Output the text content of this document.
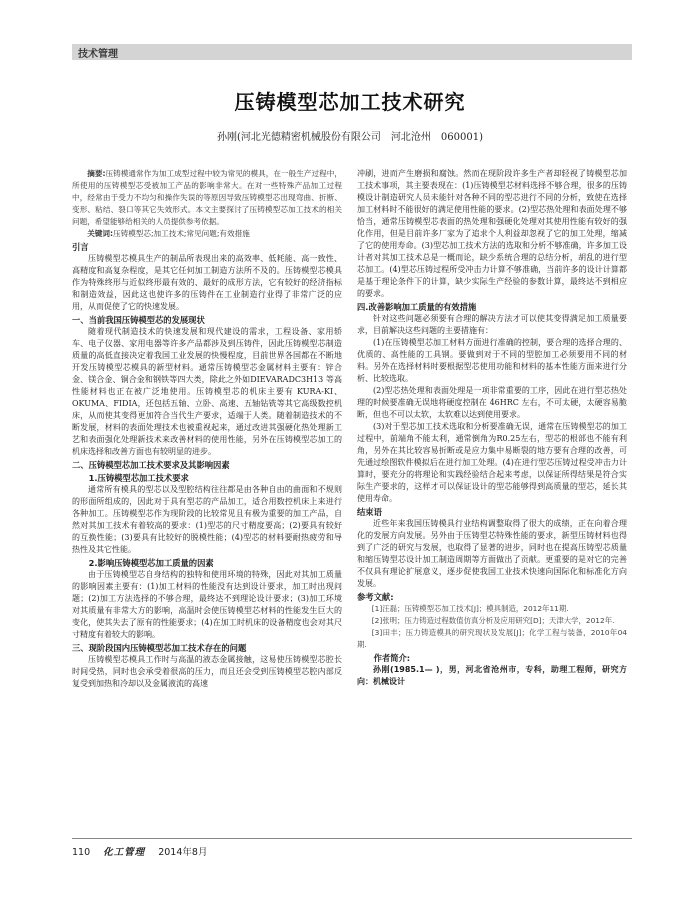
技术管理
压铸模型芯加工技术研究
孙刚(河北光德精密机械股份有限公司　河北沧州　060001)

摘要:压铸模通常作为加工成型过程中较为常见的模具，在一般生产过程中，所使用的压铸模型芯受被加工产品的影响非常大。在对一些特殊产品加工过程中，经常由于受力不均匀和操作失误的等原因导致压铸模型芯出现弯曲、折断、变形、粘结、裂口等其它失效形式。本文主要探讨了压铸模型芯加工技术的相关问题，希望能够给相关的人员提供参考依据。

关键词:压铸模型芯;加工技术;常见问题;有效措施

引言

压铸模型芯模具生产的制品所表现出来的高效率、低耗能、高一致性、高精度和高复杂程度，是其它任何加工制造方法所不及的。压铸模型芯模具作为特殊终形与近似终形最有效的、最好的成形方法，它有较好的经济指标和制造效益，因此这也使许多的压铸件在工业制造行业得了非常广泛的应用，从而促使了它的快速发展。

一、当前我国压铸模型芯的发展现状

随着现代制造技术的快速发展和现代建设的需求，工程设备、家用轿车、电子仪器、家用电器等许多产品都涉及到压铸件，因此压铸模型芯制造质量的高低直接决定着我国工业发展的快慢程度，目前世界各国都在不断地开发压铸模型芯模具的新型材料。通常压铸模型芯金属材料主要有：锌合金、镁合金、铜合金和钢铁等四大类，除此之外如DIEVARADC3H13 等高性能材料也正在被广泛地使用。压铸模型芯的机床主要有 KURA-KI、OKUMA、FIDIA，还包括五轴、立卧、高速、五轴钻铣等其它高级数控机床，从而使其变得更加符合当代生产要求，适端于人类。随着制造技术的不断发展，材料的表面处理技术也被重视起来，通过改进其强硬化热处理新工艺和表面强化处理新技术来改善材料的使用性能，另外在压铸模型芯加工的机床选择和改善方面也有较明显的进步。

二、压铸模型芯加工技术要求及其影响因素
1.压铸模型芯加工技术要求

通常所有模具的型芯以及型腔结构往往都是由各种自由的曲面和不规则的形面所组成的，因此对于具有型芯的产品加工，适合用数控机床上来进行各种加工。压铸模型芯作为现阶段的比较常见且有极为重要的加工产品，自然对其加工技术有着较高的要求：(1)型芯的尺寸精度要高；(2)要具有较好的互换性能；(3)要具有比较好的脱模性能；(4)型芯的材料要耐热疲劳和导热性及其它性能。

2.影响压铸模型芯加工质量的因素

由于压铸模型芯自身结构的独特和使用环境的特殊，因此对其加工质量的影响因素主要有：(1)加工材料的性能没有达到设计要求，加工时出现问题；(2)加工方法选择的不够合理，最终达不到理论设计要求；(3)加工环境对其质量有非常大方的影响，高温时会使压铸模型芯材料的性能发生巨大的变化，使其失去了原有的性能要求；(4)在加工时机床的设备精度也会对其尺寸精度有着较大的影响。

三、现阶段国内压铸模型芯加工技术存在的问题

压铸模型芯模具工作时与高温的液态金属接触，这易使压铸模型芯腔长时间受热，同时也会承受着很高的压力，而且还会受到压铸模型芯腔内部反复受到加热和冷却以及金属液流的高速

冲刷，进而产生磨损和腐蚀。然而在现阶段许多生产者却轻视了铸模型芯加工技术事项，其主要表现在：(1)压铸模型芯材料选择不够合理，很多的压铸模设计制造研究人员未能针对各种不同的型芯进行不同的分析，致使在选择加工材料时不能很好的满足使用性能的要求。(2)型芯热处理和表面处理不够恰当，通常压铸模型芯表面的热处理和强硬化处理对其使用性能有较好的强化作用，但是目前许多厂家为了追求个人利益却忽视了它的加工处理，缩减了它的使用寿命。(3)型芯加工技术方法的选取和分析不够准确，许多加工设计者对其加工技术总是一概而论，缺少系统合理的总结分析，胡乱的进行型芯加工。(4)型芯压铸过程所受冲击力计算不够准确，当前许多的设计计算都是基于理论条件下的计算，缺少实际生产经验的参数计算，最终达不到相应的要求。

四.改善影响加工质量的有效措施

针对这些问题必须要有合理的解决方法才可以使其变得满足加工质量要求，目前解决这些问题的主要措施有：

(1)在压铸模型芯加工材料方面进行准确的控制，要合理的选择合理的、优质的、高性能的工具钢。要做到对于不同的型腔加工必须要用不同的材料。另外在选择材料时要根据型芯使用功能和材料的基本性能方面来进行分析、比较选取。

(2)型芯热处理和表面处理是一项非常重要的工序，因此在进行型芯热处理的时候要准确无误地将硬度控制在 46HRC 左右，不可太硬，太硬容易脆断，但也不可以太软，太软难以达到使用要求。

(3)对于型芯加工技术选取和分析要准确无误，通常在压铸模型芯的加工过程中，前端角不能太利，通常倒角为R0.25左右，型芯的根部也不能有利角，另外在其比较容易折断或是应力集中易断裂的地方要有合理的改善，可先通过绘图软件模拟后在进行加工处理。(4)在进行型芯压铸过程受冲击力计算时，要充分的将理论和实践经验结合起来考虑，以保证所得结果是符合实际生产要求的，这样才可以保证设计的型芯能够得到高质量的型芯，延长其使用寿命。

结束语

近些年来我国压铸模具行业结构调整取得了很大的成绩，正在向着合理化的发展方向发展。另外由于压铸型芯特殊性能的要求，新型压铸材料也得到了广泛的研究与发展，也取得了显著的进步，同时也在提高压铸型芯质量和缩压铸型芯设计加工制造周期等方面做出了贡献。更重要的是对它的完善不仅具有理论扩展意义，逐步促使我国工业技术快速向国际化和标准化方向发展。

参考文献:

[1]汪磊；压铸模型芯加工技术[J]；模具制造，2012年11期.

[2]张明；压力铸造过程数值仿真分析及应用研究[D]；天津大学，2012年.

[3]田丰；压力铸造模具的研究现状及发展[J]；化学工程与装备，2010年04期.

作者简介:

孙刚(1985.1— )，男，河北省沧州市，专科，助理工程师，研究方向：机械设计

110 化工管理 2014年8月
